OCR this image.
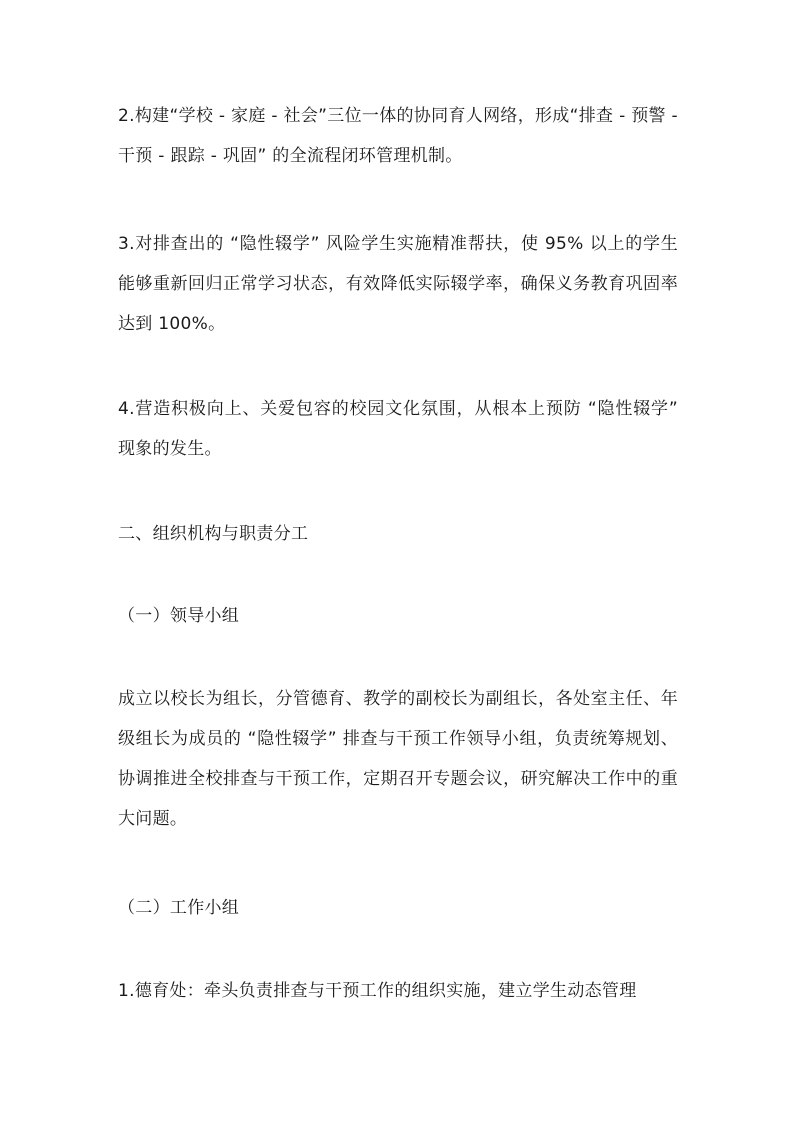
2.构建“学校 - 家庭 - 社会”三位一体的协同育人网络，形成“排查 - 预警 - 干预 - 跟踪 - 巩固” 的全流程闭环管理机制。

3.对排查出的 “隐性辍学” 风险学生实施精准帮扶，使 95% 以上的学生能够重新回归正常学习状态，有效降低实际辍学率，确保义务教育巩固率达到 100%。

4.营造积极向上、关爱包容的校园文化氛围，从根本上预防 “隐性辍学” 现象的发生。

二、组织机构与职责分工

（一）领导小组

成立以校长为组长，分管德育、教学的副校长为副组长，各处室主任、年级组长为成员的 “隐性辍学” 排查与干预工作领导小组，负责统筹规划、协调推进全校排查与干预工作，定期召开专题会议，研究解决工作中的重大问题。

（二）工作小组

1.德育处：牵头负责排查与干预工作的组织实施，建立学生动态管理
